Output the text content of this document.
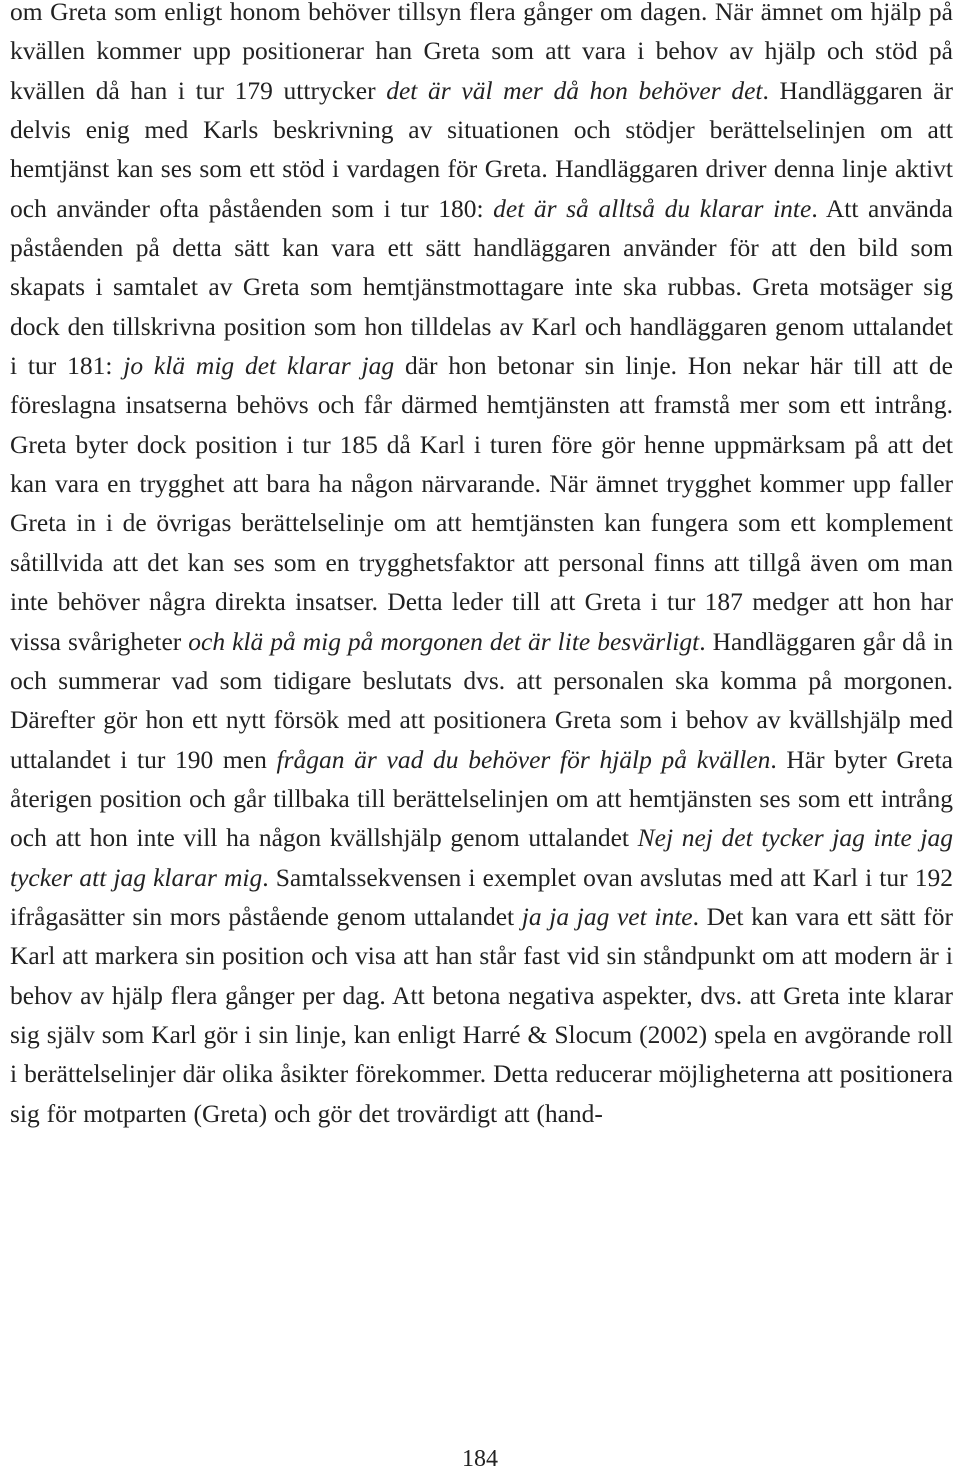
om Greta som enligt honom behöver tillsyn flera gånger om dagen. När ämnet om hjälp på kvällen kommer upp positionerar han Greta som att vara i behov av hjälp och stöd på kvällen då han i tur 179 uttrycker det är väl mer då hon behöver det. Handläggaren är delvis enig med Karls beskrivning av situationen och stödjer berättelselinjen om att hemtjänst kan ses som ett stöd i vardagen för Greta. Handläggaren driver denna linje aktivt och använder ofta påståenden som i tur 180: det är så alltså du klarar inte. Att använda påståenden på detta sätt kan vara ett sätt handläggaren använder för att den bild som skapats i samtalet av Greta som hemtjänstmottagare inte ska rubbas. Greta motsäger sig dock den tillskrivna position som hon tilldelas av Karl och handläggaren genom uttalandet i tur 181: jo klä mig det klarar jag där hon betonar sin linje. Hon nekar här till att de föreslagna insatserna behövs och får därmed hemtjänsten att framstå mer som ett intrång. Greta byter dock position i tur 185 då Karl i turen före gör henne uppmärksam på att det kan vara en trygghet att bara ha någon närvarande. När ämnet trygghet kommer upp faller Greta in i de övrigas berättelselinje om att hemtjänsten kan fungera som ett komplement såtillvida att det kan ses som en trygghetsfaktor att personal finns att tillgå även om man inte behöver några direkta insatser. Detta leder till att Greta i tur 187 medger att hon har vissa svårigheter och klä på mig på morgonen det är lite besvärligt. Handläggaren går då in och summerar vad som tidigare beslutats dvs. att personalen ska komma på morgonen. Därefter gör hon ett nytt försök med att positionera Greta som i behov av kvällshjälp med uttalandet i tur 190 men frågan är vad du behöver för hjälp på kvällen. Här byter Greta återigen position och går tillbaka till berättelselinjen om att hemtjänsten ses som ett intrång och att hon inte vill ha någon kvällshjälp genom uttalandet Nej nej det tycker jag inte jag tycker att jag klarar mig. Samtalssekvensen i exemplet ovan avslutas med att Karl i tur 192 ifrågasätter sin mors påstående genom uttalandet ja ja jag vet inte. Det kan vara ett sätt för Karl att markera sin position och visa att han står fast vid sin ståndpunkt om att modern är i behov av hjälp flera gånger per dag. Att betona negativa aspekter, dvs. att Greta inte klarar sig själv som Karl gör i sin linje, kan enligt Harré & Slocum (2002) spela en avgörande roll i berättelselinjer där olika åsikter förekommer. Detta reducerar möjligheterna att positionera sig för motparten (Greta) och gör det trovärdigt att (hand-

184
